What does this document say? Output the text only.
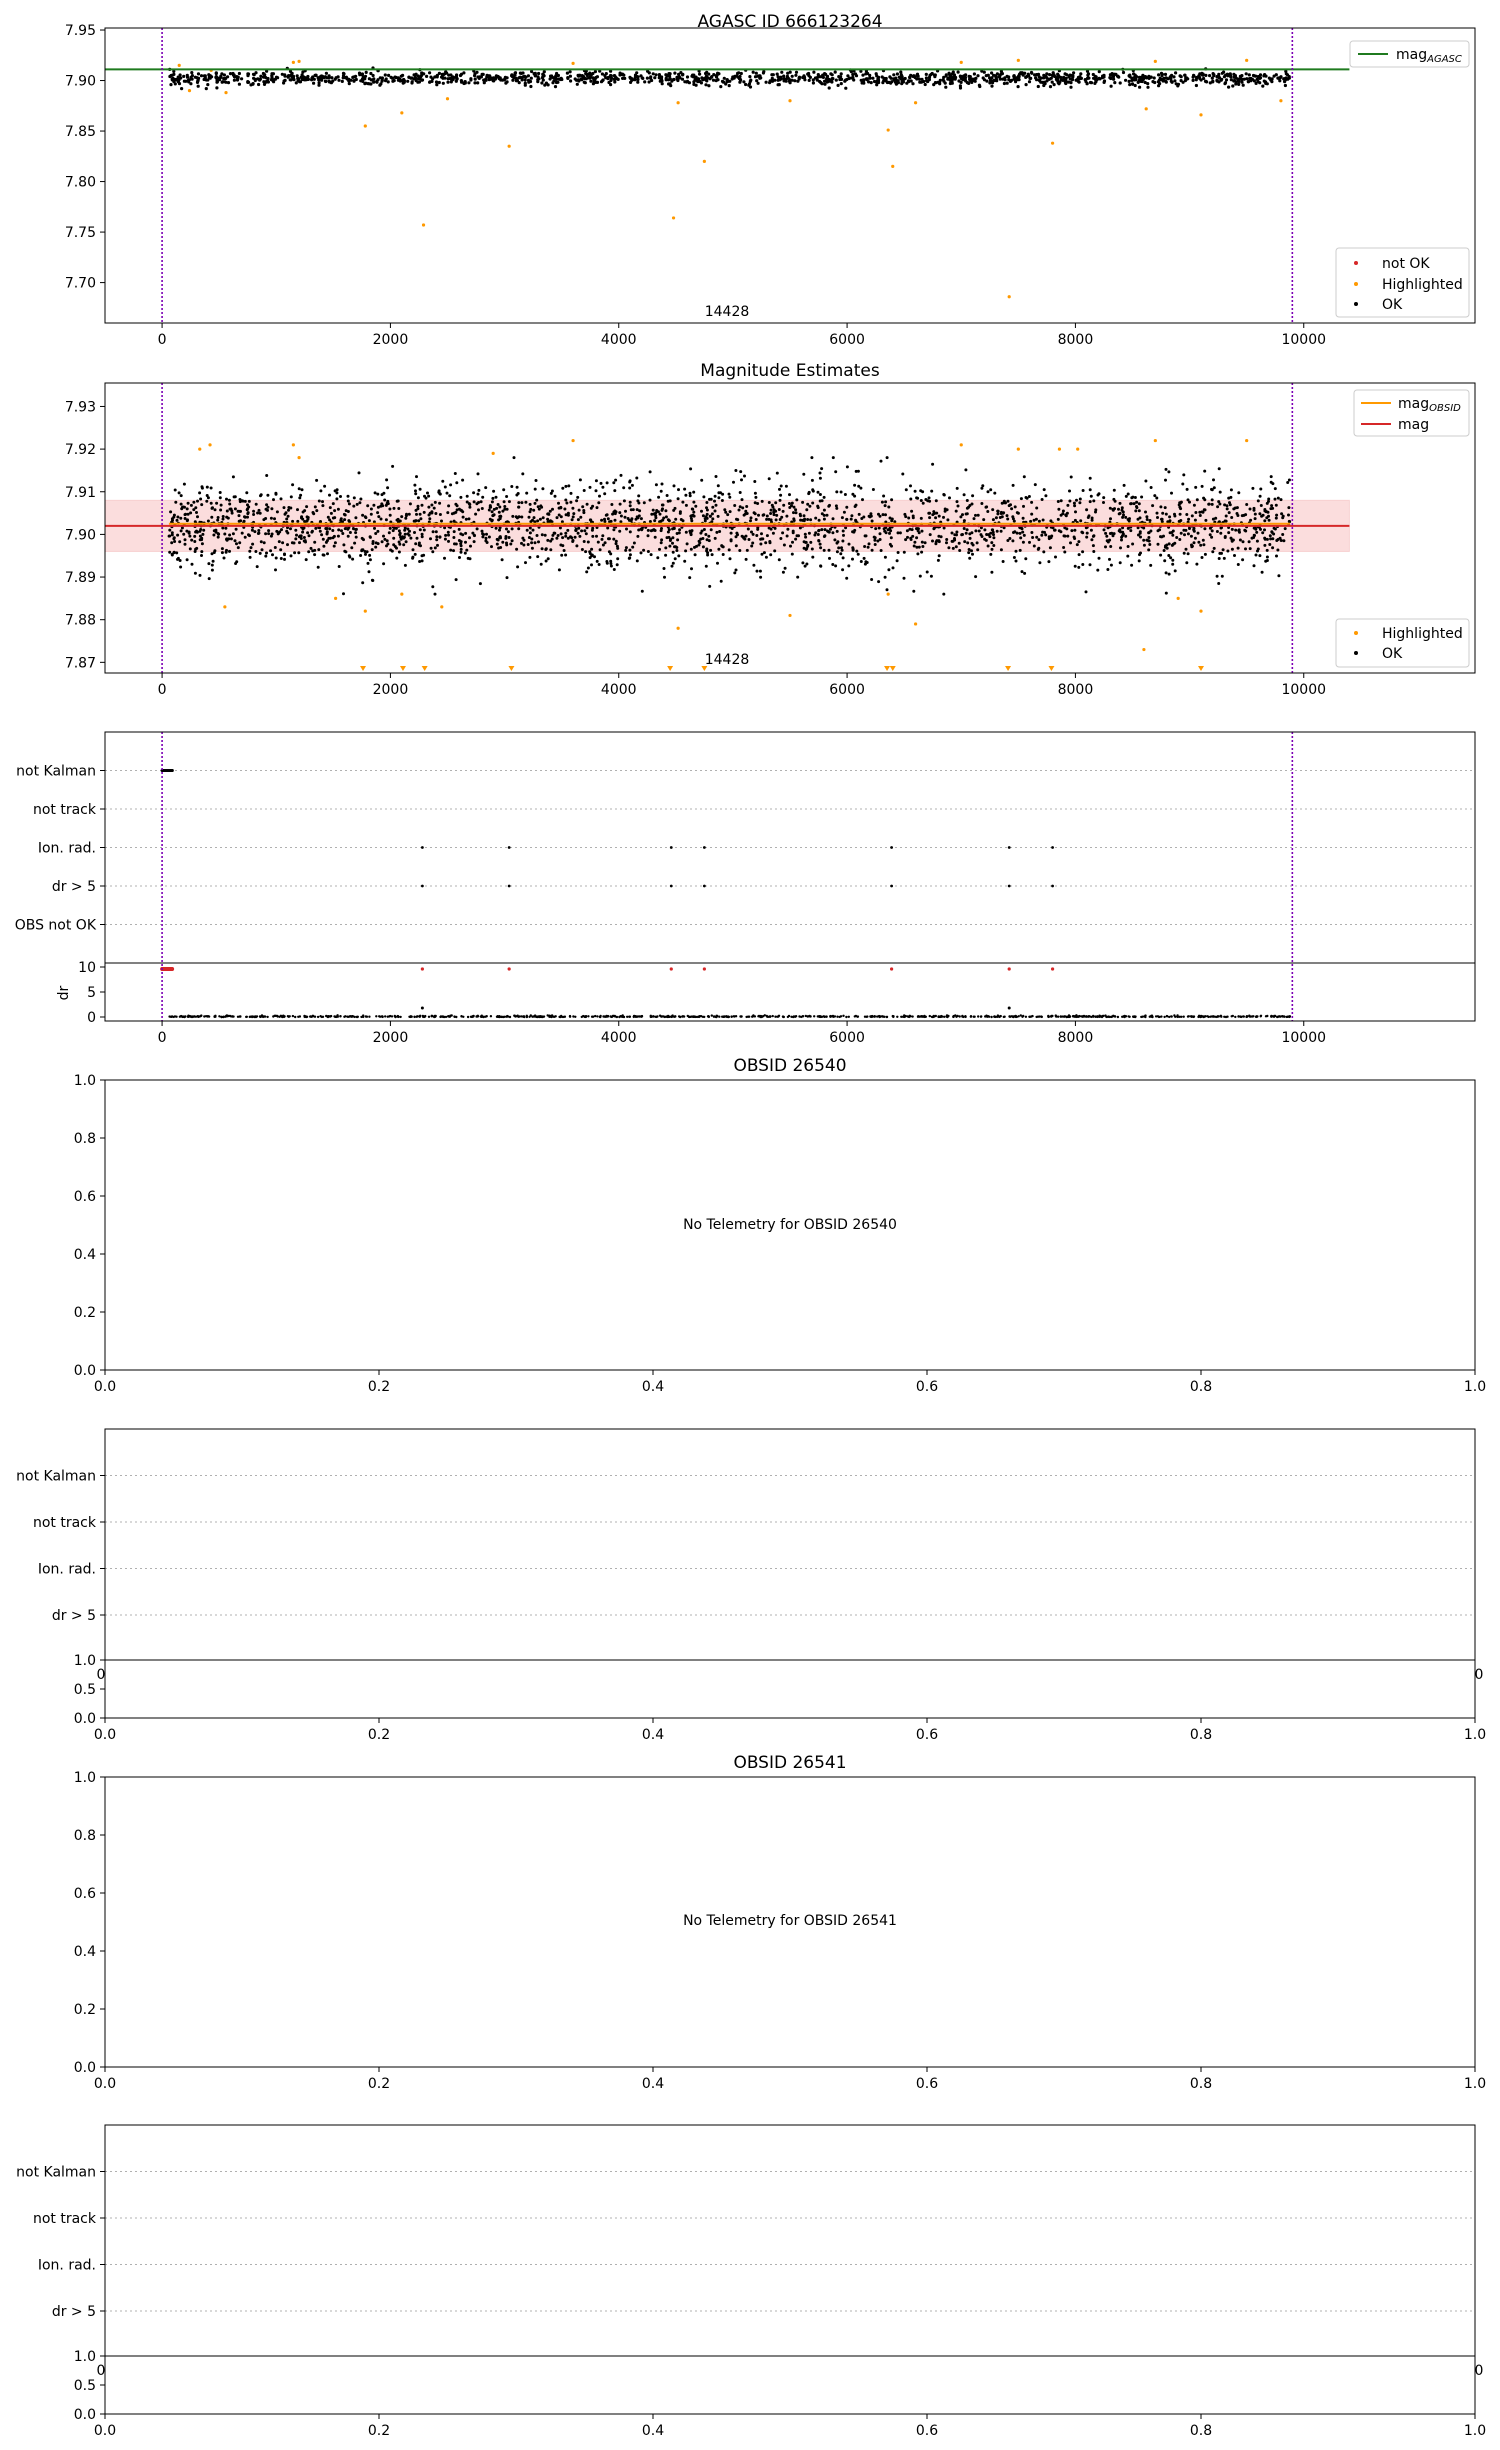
AGASC ID 666123264
7.70
7.75
7.80
7.85
7.90
7.95
0	2000	4000	6000	8000	10000
14428
mag$_{AGASC}$
not OK
Highlighted
OK
Magnitude Estimates
7.87
7.88
7.89
7.90
7.91
7.92
7.93
0	2000	4000	6000	8000	10000
14428
mag$_{OBSID}$
mag
Highlighted
OK
not Kalman
not track
Ion. rad.
dr > 5
OBS not OK
0
5
10
0	2000	4000	6000	8000	10000
dr
OBSID 26540
No Telemetry for OBSID 26540
0.0
0.2
0.4
0.6
0.8
1.0
0.0	0.2	0.4	0.6	0.8	1.0
not Kalman
not track
Ion. rad.
dr > 5
0	0
0.0
0.5
1.0
0.0	0.2	0.4	0.6	0.8	1.0
OBSID 26541
No Telemetry for OBSID 26541
0.0
0.2
0.4
0.6
0.8
1.0
0.0	0.2	0.4	0.6	0.8	1.0
not Kalman
not track
Ion. rad.
dr > 5
0	0
0.0
0.5
1.0
0.0	0.2	0.4	0.6	0.8	1.0
